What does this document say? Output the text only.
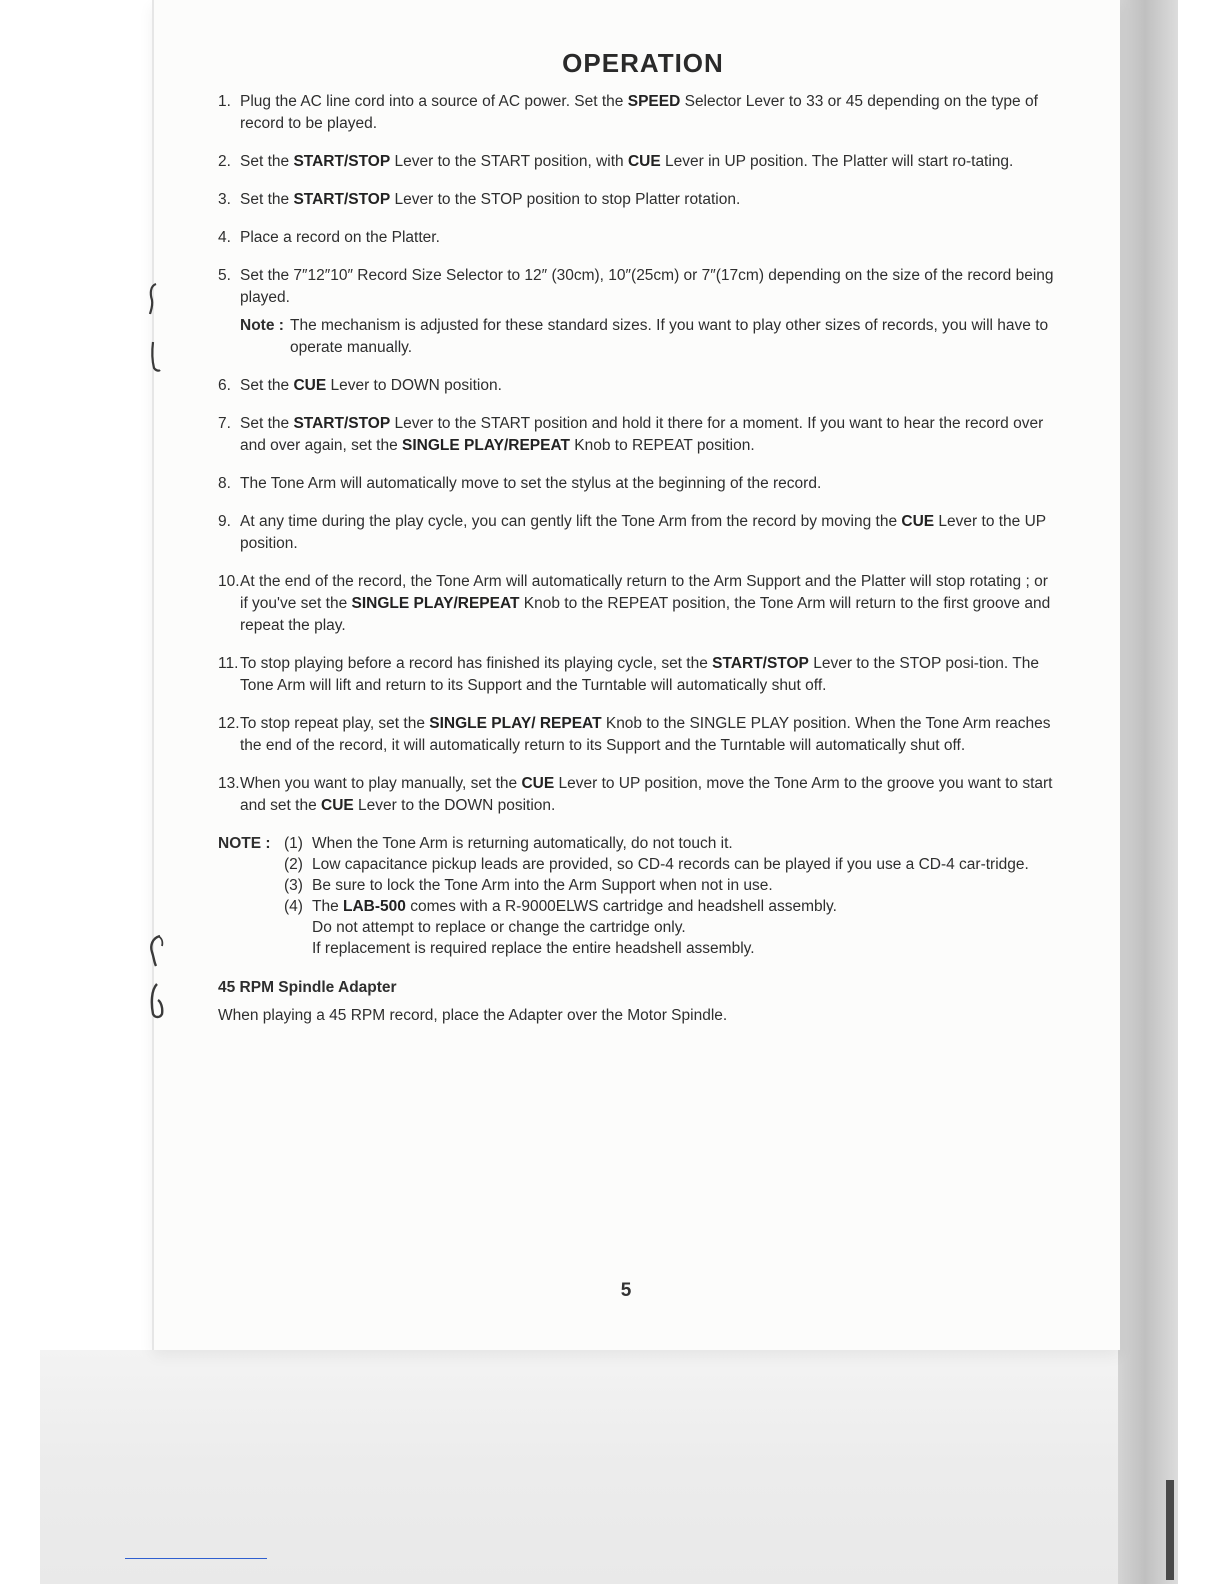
OPERATION
1. Plug the AC line cord into a source of AC power. Set the SPEED Selector Lever to 33 or 45 depending on the type of record to be played.
2. Set the START/STOP Lever to the START position, with CUE Lever in UP position. The Platter will start ro-tating.
3. Set the START/STOP Lever to the STOP position to stop Platter rotation.
4. Place a record on the Platter.
5. Set the 7″12″10″ Record Size Selector to 12″ (30cm), 10″(25cm) or 7″(17cm) depending on the size of the record being played.
Note : The mechanism is adjusted for these standard sizes. If you want to play other sizes of records, you will have to operate manually.
6. Set the CUE Lever to DOWN position.
7. Set the START/STOP Lever to the START position and hold it there for a moment. If you want to hear the record over and over again, set the SINGLE PLAY/REPEAT Knob to REPEAT position.
8. The Tone Arm will automatically move to set the stylus at the beginning of the record.
9. At any time during the play cycle, you can gently lift the Tone Arm from the record by moving the CUE Lever to the UP position.
10. At the end of the record, the Tone Arm will automatically return to the Arm Support and the Platter will stop rotating ; or if you've set the SINGLE PLAY/REPEAT Knob to the REPEAT position, the Tone Arm will return to the first groove and repeat the play.
11. To stop playing before a record has finished its playing cycle, set the START/STOP Lever to the STOP posi-tion. The Tone Arm will lift and return to its Support and the Turntable will automatically shut off.
12. To stop repeat play, set the SINGLE PLAY/ REPEAT Knob to the SINGLE PLAY position. When the Tone Arm reaches the end of the record, it will automatically return to its Support and the Turntable will automatically shut off.
13. When you want to play manually, set the CUE Lever to UP position, move the Tone Arm to the groove you want to start and set the CUE Lever to the DOWN position.
NOTE : (1) When the Tone Arm is returning automatically, do not touch it.
(2) Low capacitance pickup leads are provided, so CD-4 records can be played if you use a CD-4 car-tridge.
(3) Be sure to lock the Tone Arm into the Arm Support when not in use.
(4) The LAB-500 comes with a R-9000ELWS cartridge and headshell assembly.
Do not attempt to replace or change the cartridge only.
If replacement is required replace the entire headshell assembly.
45 RPM Spindle Adapter
When playing a 45 RPM record, place the Adapter over the Motor Spindle.
5
